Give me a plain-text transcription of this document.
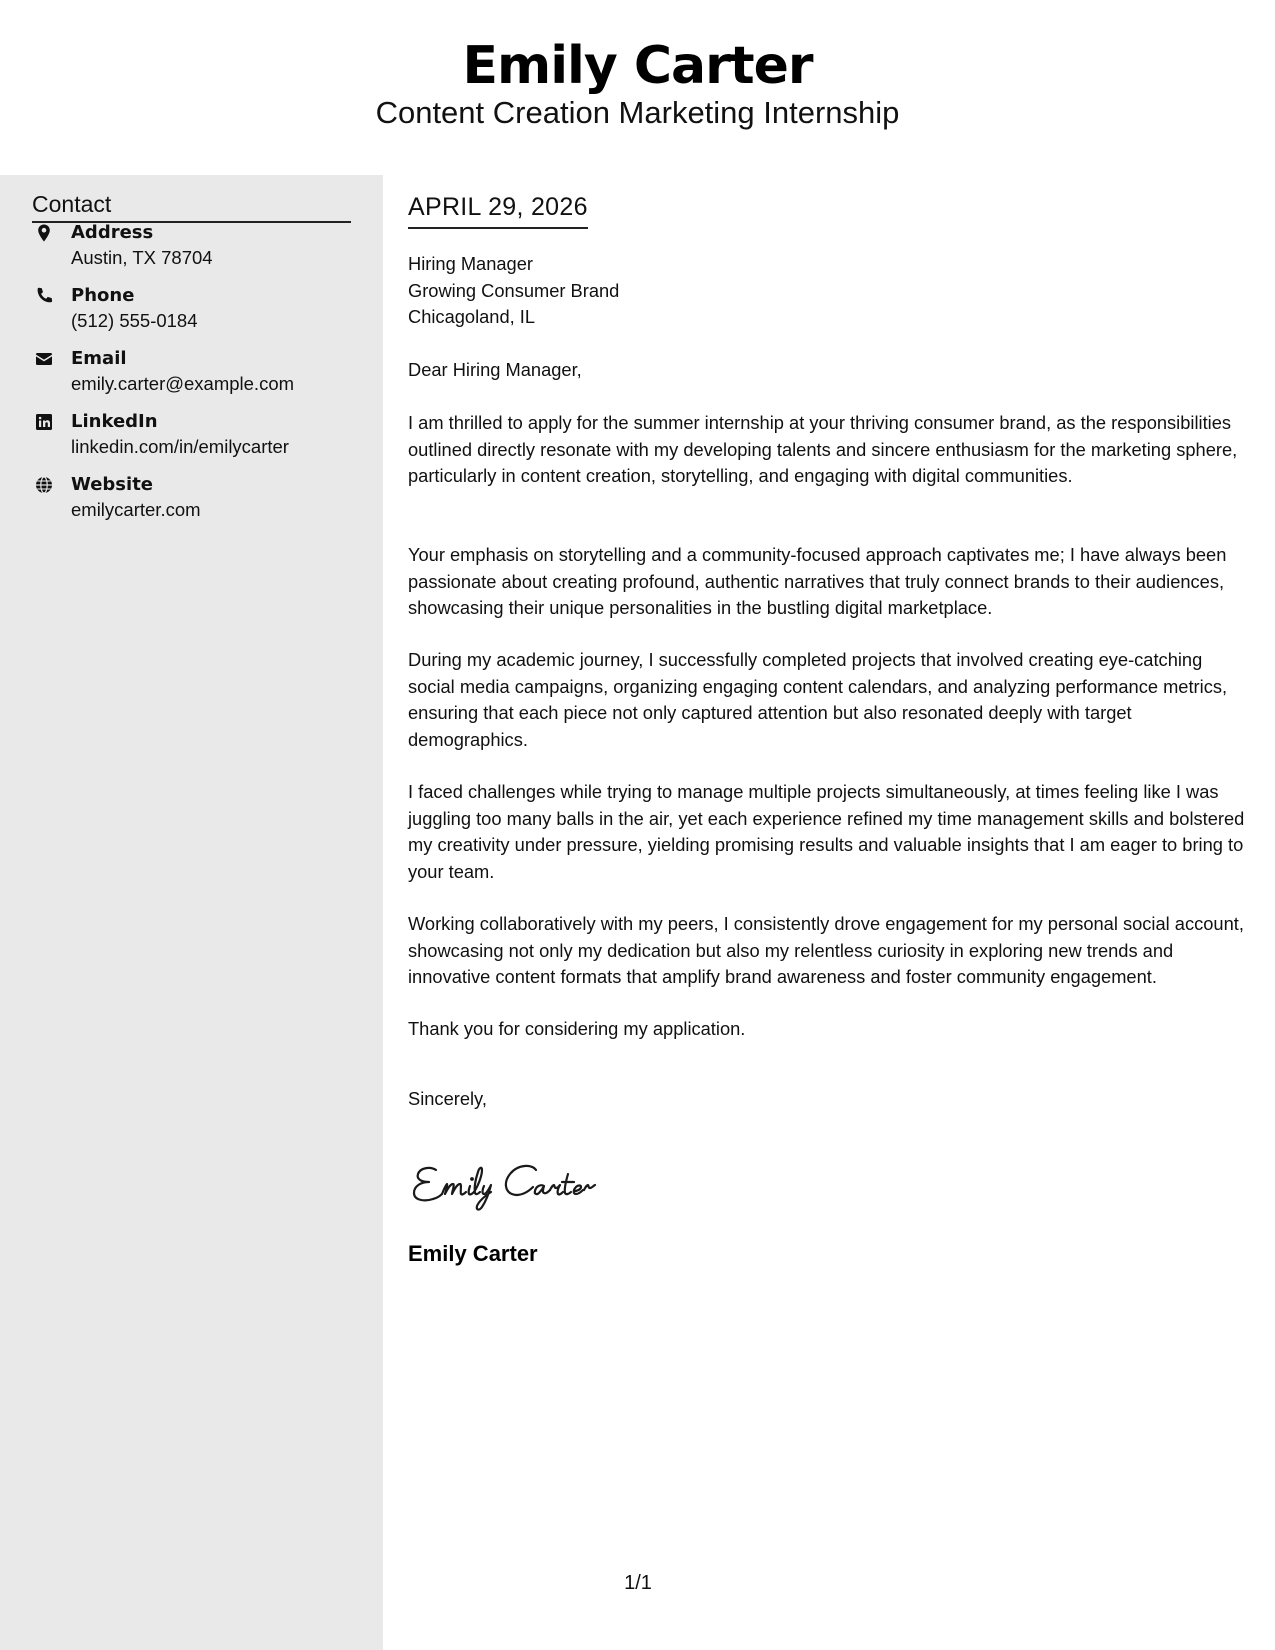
Emily Carter
Content Creation Marketing Internship
Contact
Address
Austin, TX 78704
Phone
(512) 555-0184
Email
emily.carter@example.com
LinkedIn
linkedin.com/in/emilycarter
Website
emilycarter.com
APRIL 29, 2026
Hiring Manager
Growing Consumer Brand
Chicagoland, IL
Dear Hiring Manager,
I am thrilled to apply for the summer internship at your thriving consumer brand, as the responsibilities outlined directly resonate with my developing talents and sincere enthusiasm for the marketing sphere, particularly in content creation, storytelling, and engaging with digital communities.
Your emphasis on storytelling and a community-focused approach captivates me; I have always been passionate about creating profound, authentic narratives that truly connect brands to their audiences, showcasing their unique personalities in the bustling digital marketplace.
During my academic journey, I successfully completed projects that involved creating eye-catching social media campaigns, organizing engaging content calendars, and analyzing performance metrics, ensuring that each piece not only captured attention but also resonated deeply with target demographics.
I faced challenges while trying to manage multiple projects simultaneously, at times feeling like I was juggling too many balls in the air, yet each experience refined my time management skills and bolstered my creativity under pressure, yielding promising results and valuable insights that I am eager to bring to your team.
Working collaboratively with my peers, I consistently drove engagement for my personal social account, showcasing not only my dedication but also my relentless curiosity in exploring new trends and innovative content formats that amplify brand awareness and foster community engagement.
Thank you for considering my application.
Sincerely,
Emily Carter
1/1
